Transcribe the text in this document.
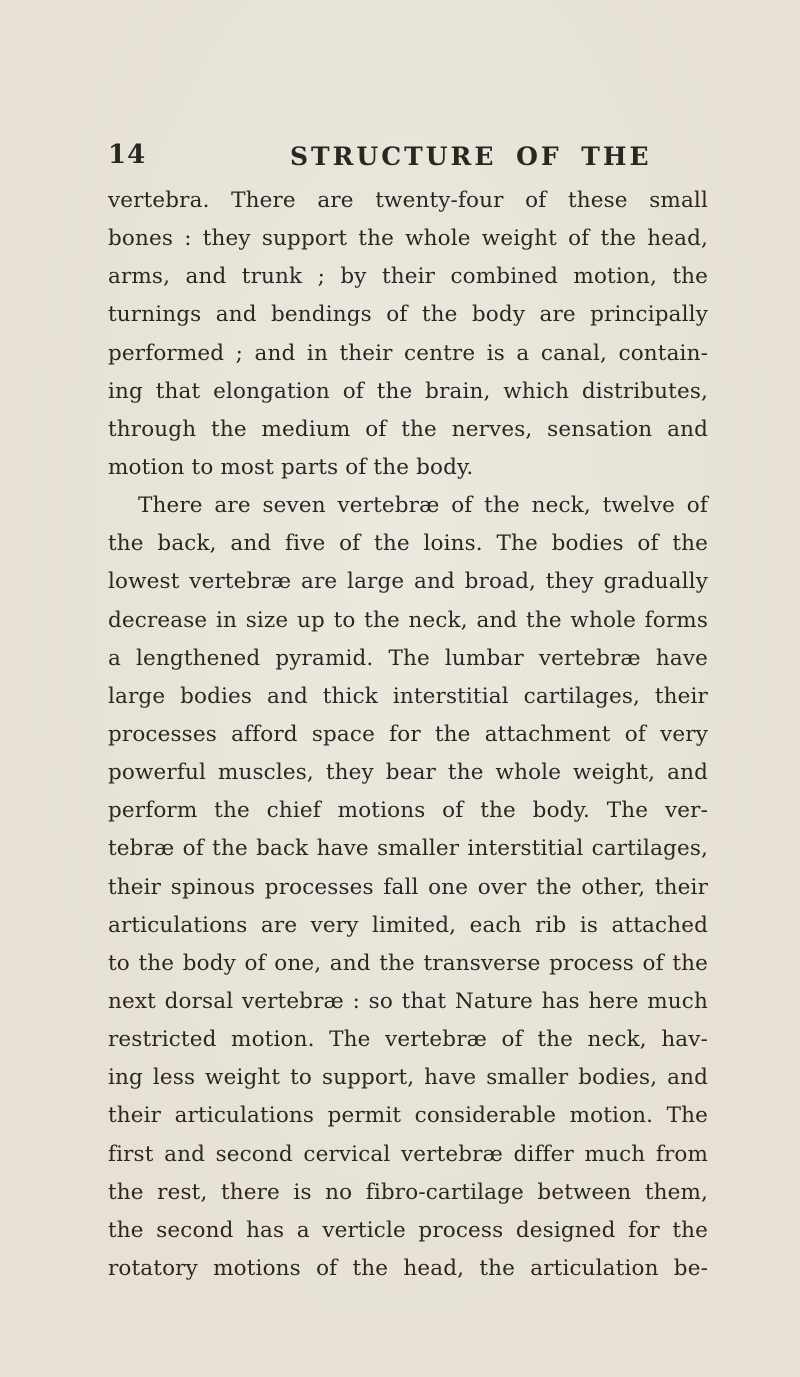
14	STRUCTURE OF THE
vertebra. There are twenty-four of these small
bones : they support the whole weight of the head,
arms, and trunk ; by their combined motion, the
turnings and bendings of the body are principally
performed ; and in their centre is a canal, contain-
ing that elongation of the brain, which distributes,
through the medium of the nerves, sensation and
motion to most parts of the body.
There are seven vertebræ of the neck, twelve of
the back, and five of the loins. The bodies of the
lowest vertebræ are large and broad, they gradually
decrease in size up to the neck, and the whole forms
a lengthened pyramid. The lumbar vertebræ have
large bodies and thick interstitial cartilages, their
processes afford space for the attachment of very
powerful muscles, they bear the whole weight, and
perform the chief motions of the body. The ver-
tebræ of the back have smaller interstitial cartilages,
their spinous processes fall one over the other, their
articulations are very limited, each rib is attached
to the body of one, and the transverse process of the
next dorsal vertebræ : so that Nature has here much
restricted motion. The vertebræ of the neck, hav-
ing less weight to support, have smaller bodies, and
their articulations permit considerable motion. The
first and second cervical vertebræ differ much from
the rest, there is no fibro-cartilage between them,
the second has a verticle process designed for the
rotatory motions of the head, the articulation be-
